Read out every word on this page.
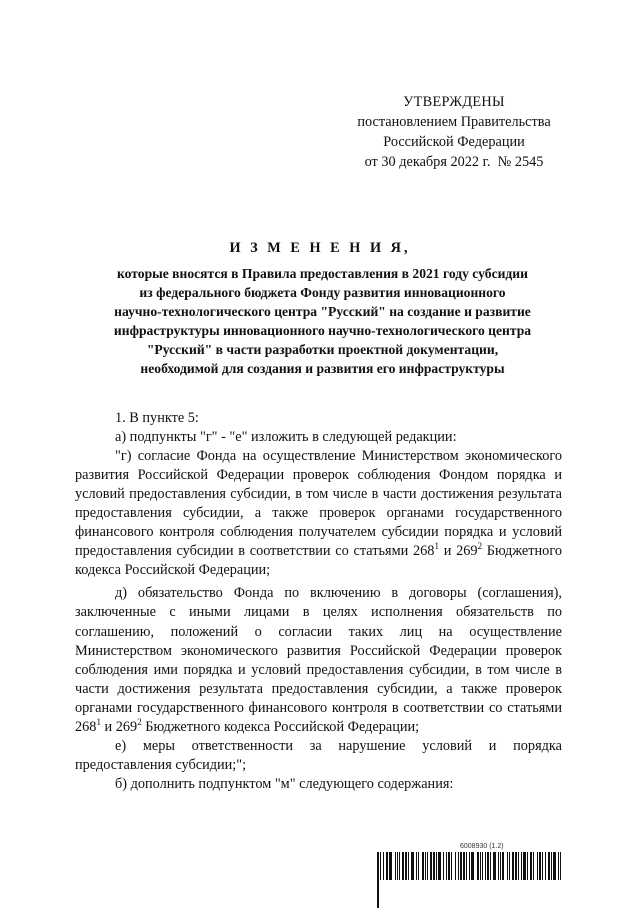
УТВЕРЖДЕНЫ
постановлением Правительства
Российской Федерации
от 30 декабря 2022 г.  № 2545
И З М Е Н Е Н И Я,
которые вносятся в Правила предоставления в 2021 году субсидии
из федерального бюджета Фонду развития инновационного
научно-технологического центра "Русский" на создание и развитие
инфраструктуры инновационного научно-технологического центра
"Русский" в части разработки проектной документации,
необходимой для создания и развития его инфраструктуры

1. В пункте 5:

а) подпункты "г" - "е" изложить в следующей редакции:

"г) согласие Фонда на осуществление Министерством экономического развития Российской Федерации проверок соблюдения Фондом порядка и условий предоставления субсидии, в том числе в части достижения результата предоставления субсидии, а также проверок органами государственного финансового контроля соблюдения получателем субсидии порядка и условий предоставления субсидии в соответствии со статьями $268^1$ и $269^2$ Бюджетного кодекса Российской Федерации;

д) обязательство Фонда по включению в договоры (соглашения), заключенные с иными лицами в целях исполнения обязательств по соглашению, положений о согласии таких лиц на осуществление Министерством экономического развития Российской Федерации проверок соблюдения ими порядка и условий предоставления субсидии, в том числе в части достижения результата предоставления субсидии, а также проверок органами государственного финансового контроля в соответствии со статьями $268^1$ и $269^2$ Бюджетного кодекса Российской Федерации;

е) меры ответственности за нарушение условий и порядка предоставления субсидии;";

б) дополнить подпунктом "м" следующего содержания:

6008930 (1.2)
